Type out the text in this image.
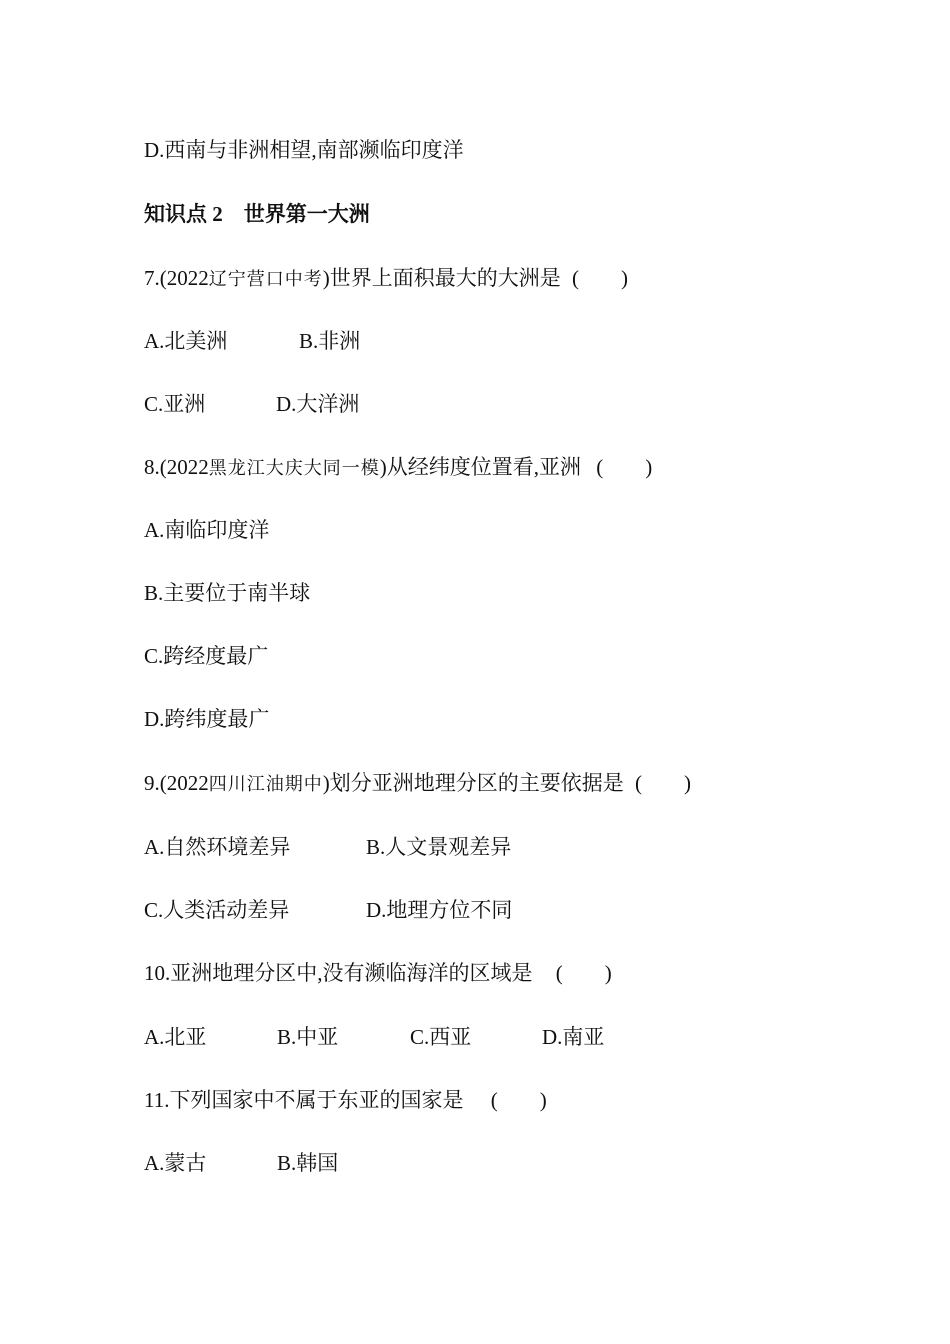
D.西南与非洲相望,南部濒临印度洋
知识点 2　世界第一大洲
7.(2022辽宁营口中考)世界上面积最大的大洲是 (　　)
A.北美洲	B.非洲
C.亚洲	D.大洋洲
8.(2022黑龙江大庆大同一模)从经纬度位置看,亚洲 (　　)
A.南临印度洋
B.主要位于南半球
C.跨经度最广
D.跨纬度最广
9.(2022四川江油期中)划分亚洲地理分区的主要依据是 (　　)
A.自然环境差异	B.人文景观差异
C.人类活动差异	D.地理方位不同
10.亚洲地理分区中,没有濒临海洋的区域是 (　　)
A.北亚	B.中亚	C.西亚	D.南亚
11.下列国家中不属于东亚的国家是 (　　)
A.蒙古	B.韩国
